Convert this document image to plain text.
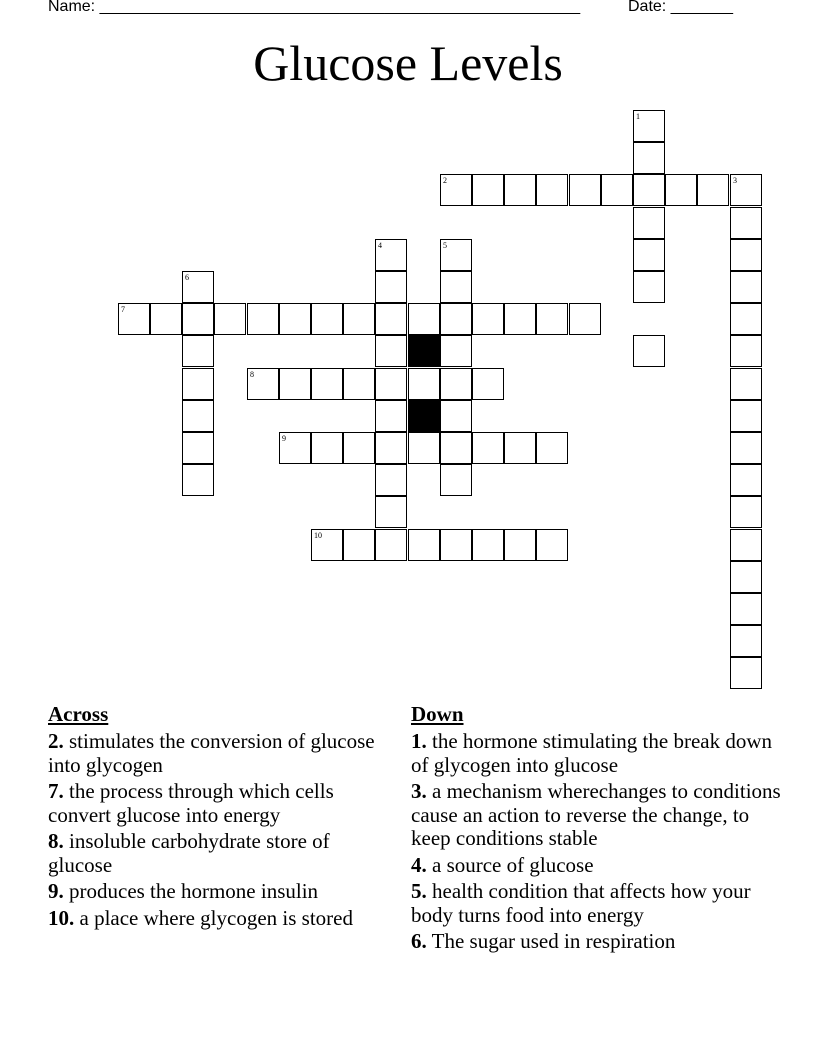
Name: ______________________________________________________	Date: _______
Glucose Levels
1
2	3
4	5
6
7
8
9
10
Across
2. stimulates the conversion of glucose into glycogen
7. the process through which cells convert glucose into energy
8. insoluble carbohydrate store of glucose
9. produces the hormone insulin
10. a place where glycogen is stored
Down
1. the hormone stimulating the break down of glycogen into glucose
3. a mechanism wherechanges to conditions cause an action to reverse the change, to keep conditions stable
4. a source of glucose
5. health condition that affects how your body turns food into energy
6. The sugar used in respiration
